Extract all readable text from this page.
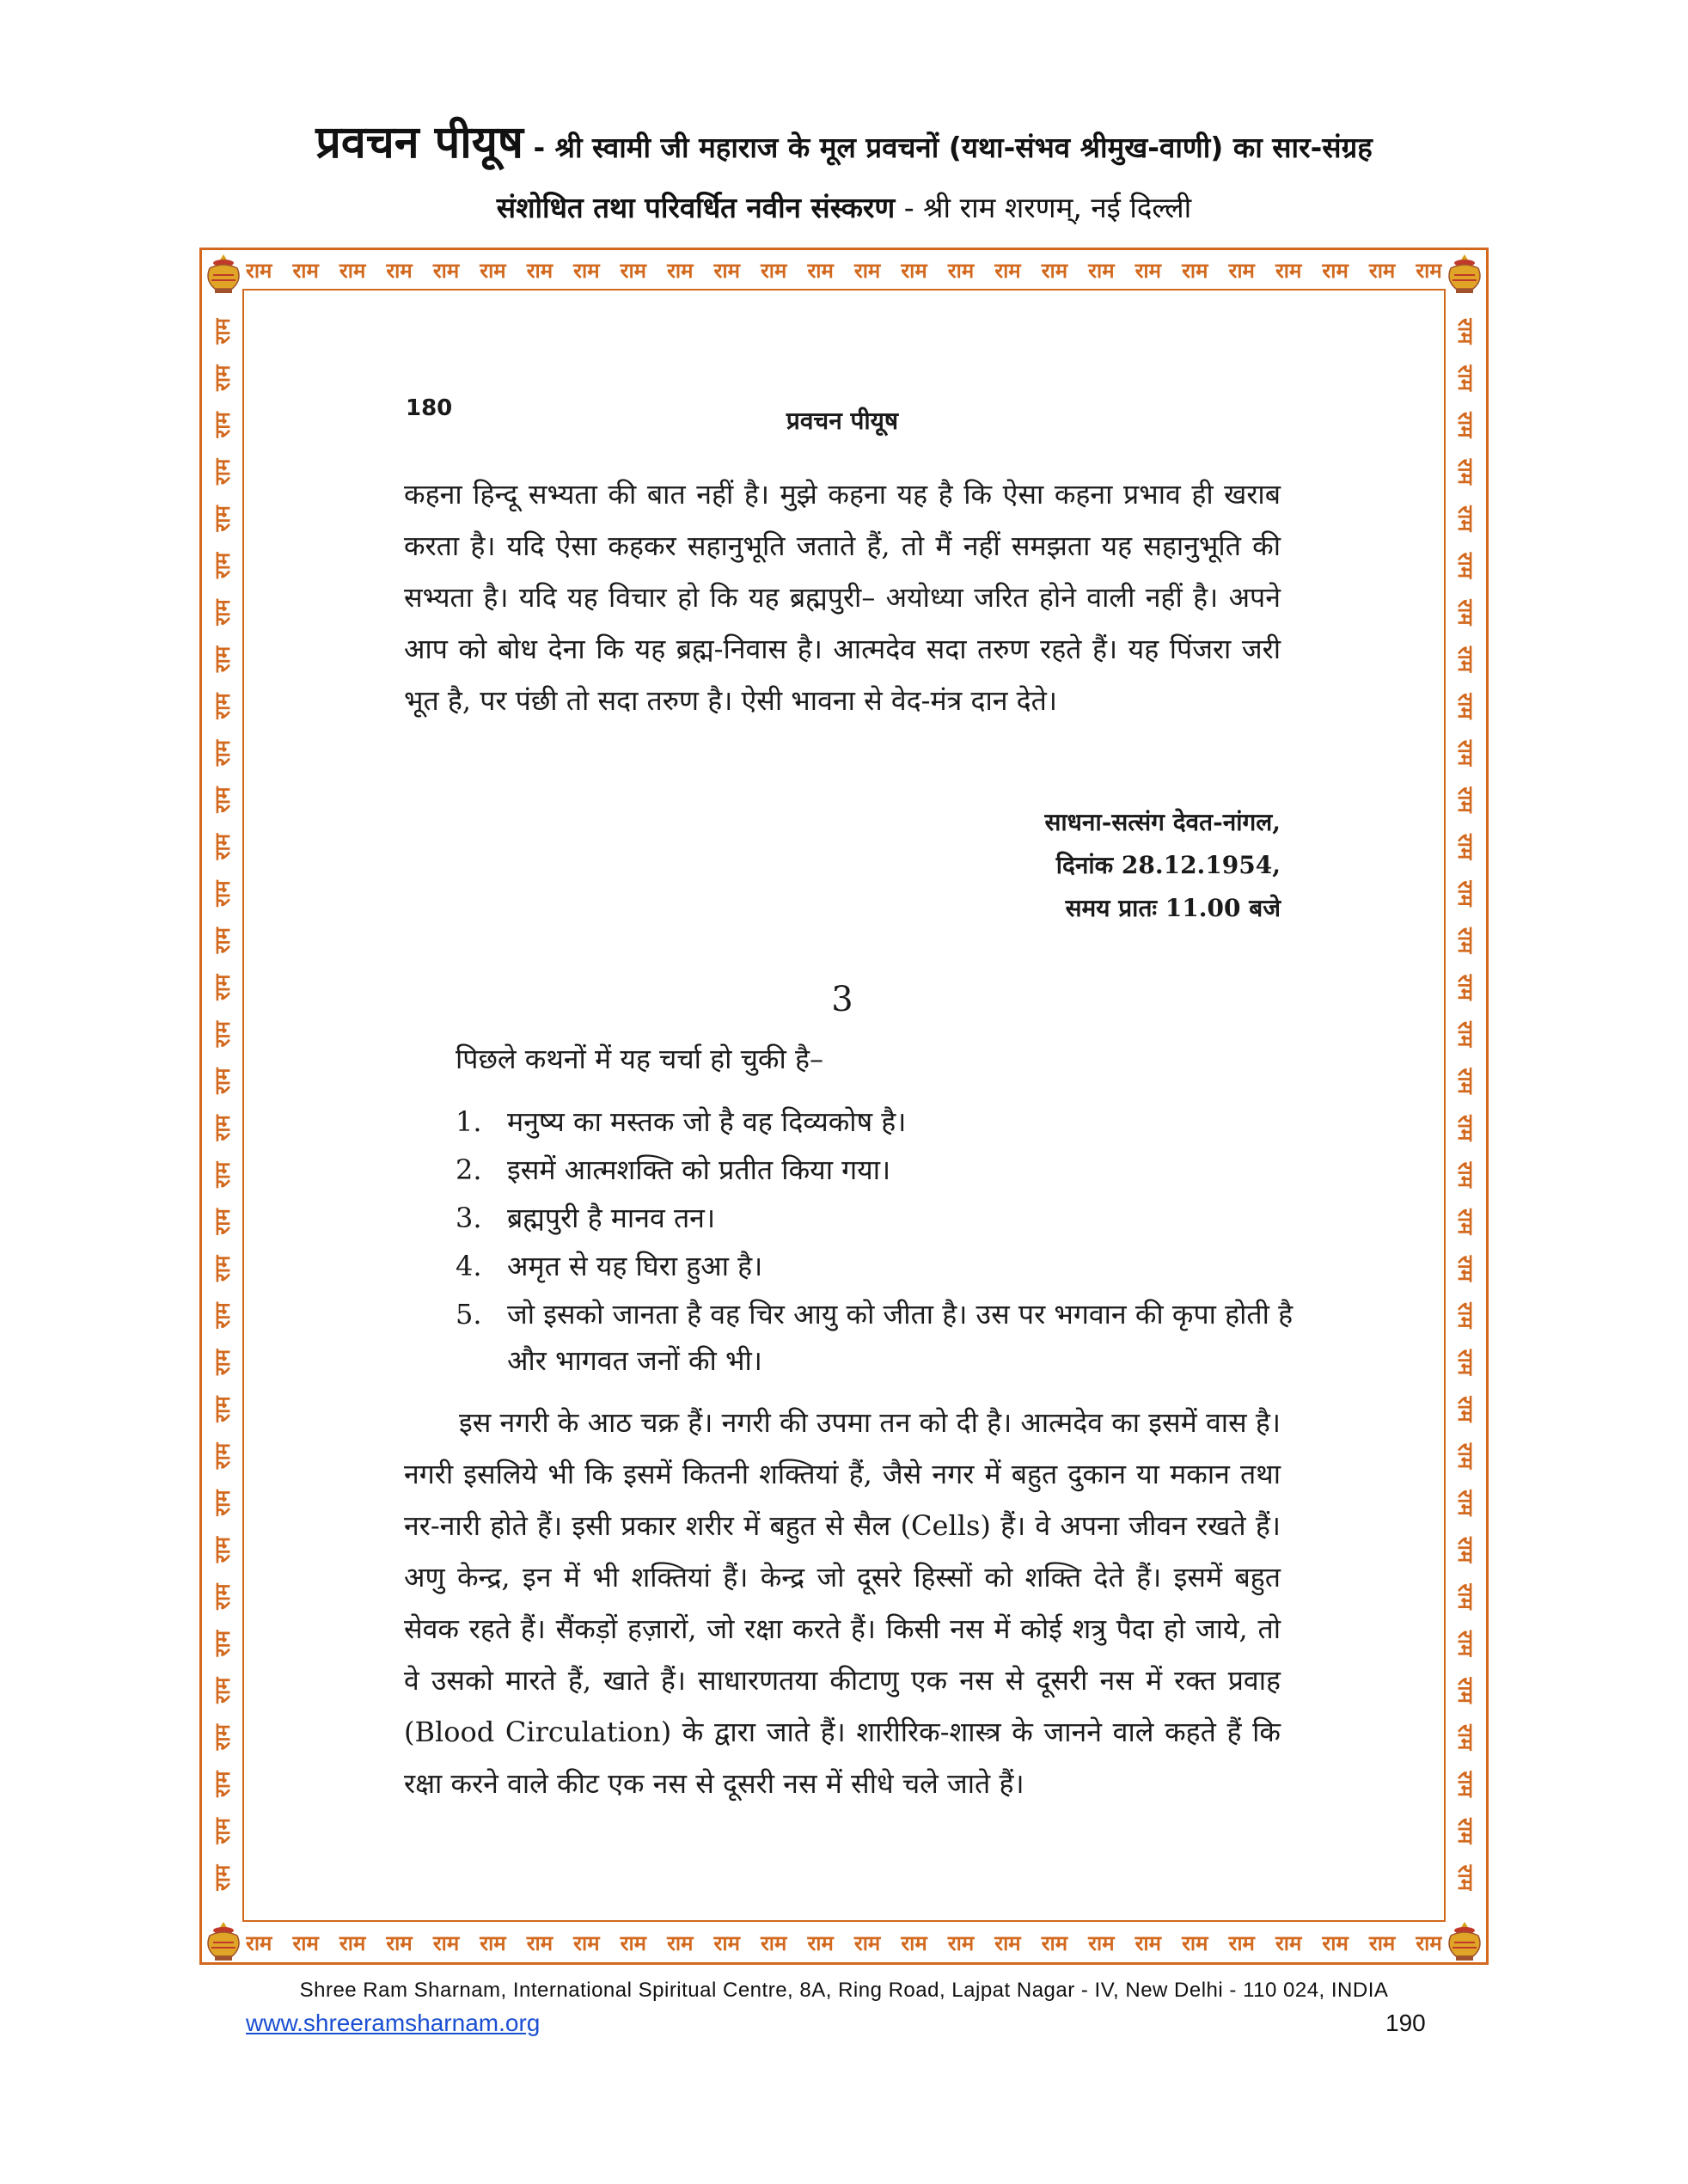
प्रवचन पीयूष - श्री स्वामी जी महाराज के मूल प्रवचनों (यथा-संभव श्रीमुख-वाणी) का सार-संग्रह
संशोधित तथा परिवर्धित नवीन संस्करण - श्री राम शरणम्, नई दिल्ली
राम राम राम राम राम राम राम राम राम राम राम राम राम राम राम राम राम राम राम राम राम राम राम राम राम राम
राम राम राम राम राम राम राम राम राम राम राम राम राम राम राम राम राम राम राम राम राम राम राम राम राम राम
राम
राम
राम
राम
राम
राम
राम
राम
राम
राम
राम
राम
राम
राम
राम
राम
राम
राम
राम
राम
राम
राम
राम
राम
राम
राम
राम
राम
राम
राम
राम
राम
राम
राम	राम
राम
राम
राम
राम
राम
राम
राम
राम
राम
राम
राम
राम
राम
राम
राम
राम
राम
राम
राम
राम
राम
राम
राम
राम
राम
राम
राम
राम
राम
राम
राम
राम
राम
180	प्रवचन पीयूष
कहना हिन्दू सभ्यता की बात नहीं है। मुझे कहना यह है कि ऐसा कहना प्रभाव ही खराब करता है। यदि ऐसा कहकर सहानुभूति जताते हैं, तो मैं नहीं समझता यह सहानुभूति की सभ्यता है। यदि यह विचार हो कि यह ब्रह्मपुरी– अयोध्या जरित होने वाली नहीं है। अपने आप को बोध देना कि यह ब्रह्म-निवास है। आत्मदेव सदा तरुण रहते हैं। यह पिंजरा जरी भूत है, पर पंछी तो सदा तरुण है। ऐसी भावना से वेद-मंत्र दान देते।
साधना-सत्संग देवत-नांगल,
दिनांक 28.12.1954,
समय प्रातः 11.00 बजे
3
पिछले कथनों में यह चर्चा हो चुकी है–
1. मनुष्य का मस्तक जो है वह दिव्यकोष है।
2. इसमें आत्मशक्ति को प्रतीत किया गया।
3. ब्रह्मपुरी है मानव तन।
4. अमृत से यह घिरा हुआ है।
5. जो इसको जानता है वह चिर आयु को जीता है। उस पर भगवान की कृपा होती है और भागवत जनों की भी।
इस नगरी के आठ चक्र हैं। नगरी की उपमा तन को दी है। आत्मदेव का इसमें वास है। नगरी इसलिये भी कि इसमें कितनी शक्तियां हैं, जैसे नगर में बहुत दुकान या मकान तथा नर-नारी होते हैं। इसी प्रकार शरीर में बहुत से सैल (Cells) हैं। वे अपना जीवन रखते हैं। अणु केन्द्र, इन में भी शक्तियां हैं। केन्द्र जो दूसरे हिस्सों को शक्ति देते हैं। इसमें बहुत सेवक रहते हैं। सैंकड़ों हज़ारों, जो रक्षा करते हैं। किसी नस में कोई शत्रु पैदा हो जाये, तो वे उसको मारते हैं, खाते हैं। साधारणतया कीटाणु एक नस से दूसरी नस में रक्त प्रवाह (Blood Circulation) के द्वारा जाते हैं। शारीरिक-शास्त्र के जानने वाले कहते हैं कि रक्षा करने वाले कीट एक नस से दूसरी नस में सीधे चले जाते हैं।
Shree Ram Sharnam, International Spiritual Centre, 8A, Ring Road, Lajpat Nagar - IV, New Delhi - 110 024, INDIA
www.shreeramsharnam.org	190
